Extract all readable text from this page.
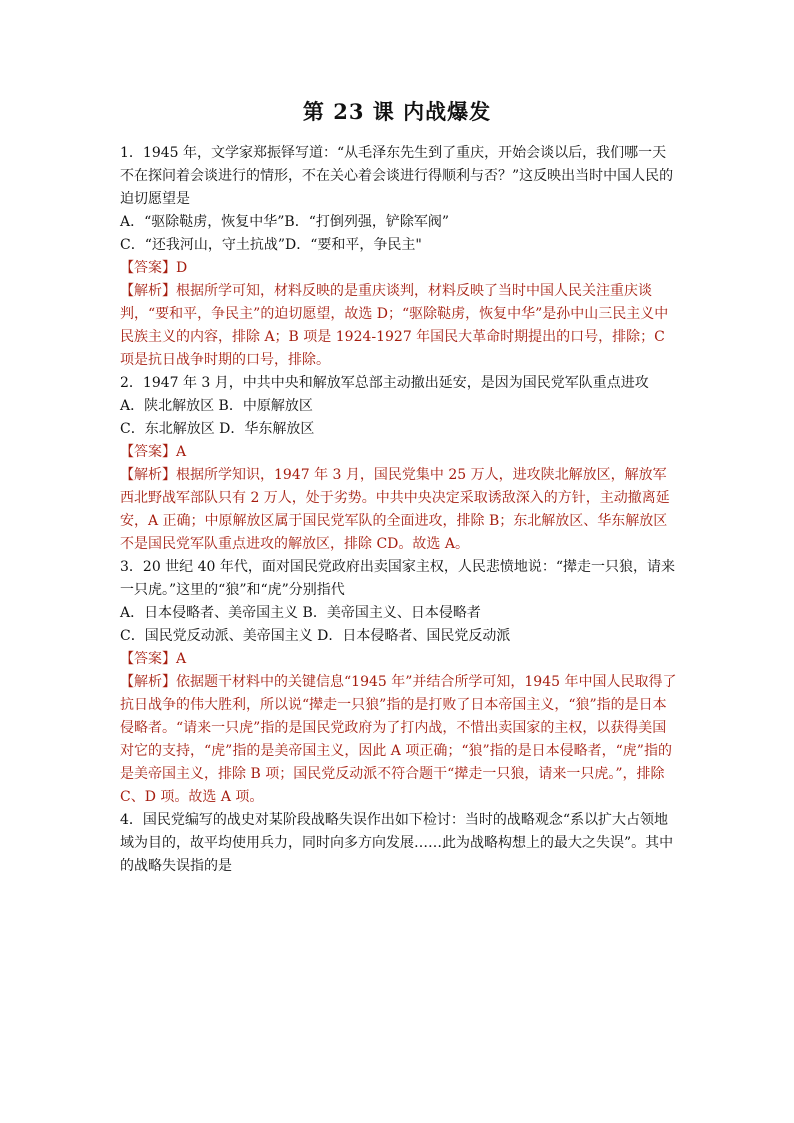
第 23 课 内战爆发

1．1945 年，文学家郑振铎写道：“从毛泽东先生到了重庆，开始会谈以后，我们哪一天不在探问着会谈进行的情形，不在关心着会谈进行得顺利与否？”这反映出当时中国人民的迫切愿望是

A．“驱除鞑虏，恢复中华”B．“打倒列强，铲除军阀”

C．“还我河山，守土抗战”D．“要和平，争民主"

【答案】D

【解析】根据所学可知，材料反映的是重庆谈判，材料反映了当时中国人民关注重庆谈判，“要和平，争民主”的迫切愿望，故选 D；“驱除鞑虏，恢复中华”是孙中山三民主义中民族主义的内容，排除 A；B 项是 1924-1927 年国民大革命时期提出的口号，排除；C 项是抗日战争时期的口号，排除。

2．1947 年 3 月，中共中央和解放军总部主动撤出延安，是因为国民党军队重点进攻

A．陕北解放区 B．中原解放区

C．东北解放区 D．华东解放区

【答案】A

【解析】根据所学知识，1947 年 3 月，国民党集中 25 万人，进攻陕北解放区，解放军西北野战军部队只有 2 万人，处于劣势。中共中央决定采取诱敌深入的方针，主动撤离延安，A 正确；中原解放区属于国民党军队的全面进攻，排除 B；东北解放区、华东解放区不是国民党军队重点进攻的解放区，排除 CD。故选 A。

3．20 世纪 40 年代，面对国民党政府出卖国家主权，人民悲愤地说：“撵走一只狼，请来一只虎。”这里的“狼”和“虎”分别指代

A．日本侵略者、美帝国主义 B．美帝国主义、日本侵略者

C．国民党反动派、美帝国主义 D．日本侵略者、国民党反动派

【答案】A

【解析】依据题干材料中的关键信息“1945 年”并结合所学可知，1945 年中国人民取得了抗日战争的伟大胜利，所以说“撵走一只狼”指的是打败了日本帝国主义，“狼”指的是日本侵略者。“请来一只虎”指的是国民党政府为了打内战，不惜出卖国家的主权，以获得美国对它的支持，“虎”指的是美帝国主义，因此 A 项正确；“狼”指的是日本侵略者，“虎”指的是美帝国主义，排除 B 项；国民党反动派不符合题干“撵走一只狼，请来一只虎。”，排除 C、D 项。故选 A 项。

4．国民党编写的战史对某阶段战略失误作出如下检讨：当时的战略观念“系以扩大占领地域为目的，故平均使用兵力，同时向多方向发展……此为战略构想上的最大之失误”。其中的战略失误指的是
